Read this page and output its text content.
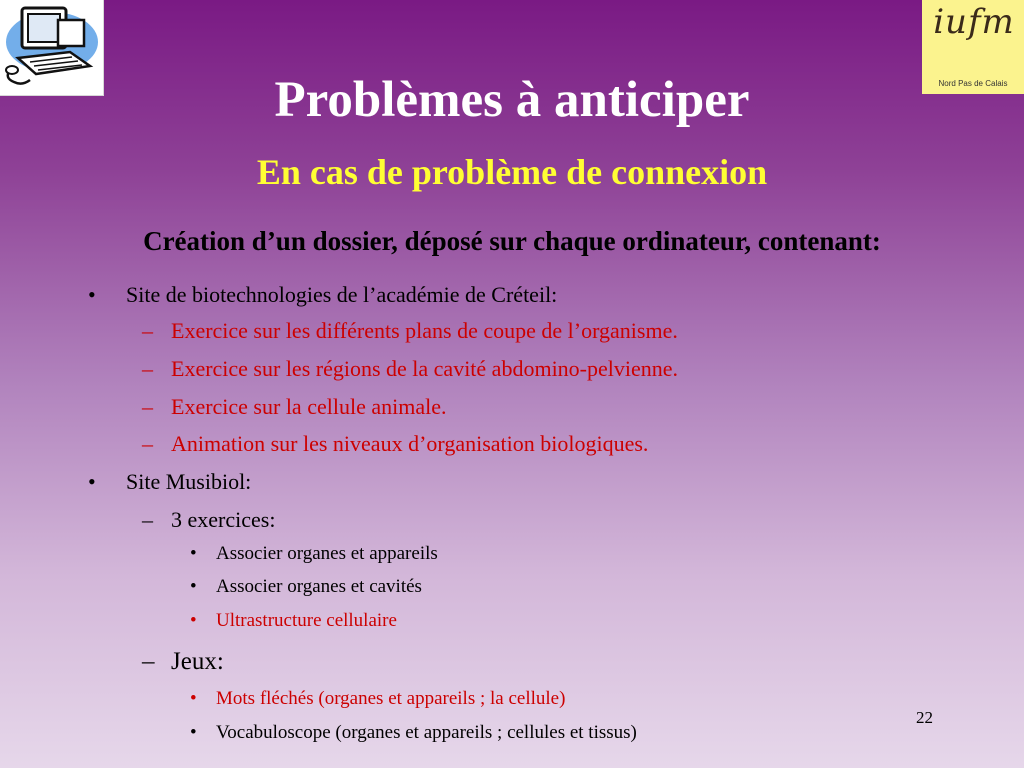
iufm
Nord Pas de Calais
Problèmes à anticiper
En cas de problème de connexion
Création d’un dossier, déposé sur chaque ordinateur, contenant:
• Site de biotechnologies de l’académie de Créteil:
– Exercice sur les différents plans de coupe de l’organisme.
– Exercice sur les régions de la cavité abdomino-pelvienne.
– Exercice sur la cellule animale.
– Animation sur les niveaux d’organisation biologiques.
• Site Musibiol:
– 3 exercices:
• Associer organes et appareils
• Associer organes et cavités
• Ultrastructure cellulaire
– Jeux:
• Mots fléchés (organes et appareils ; la cellule)
• Vocabuloscope (organes et appareils ; cellules et tissus)
22
